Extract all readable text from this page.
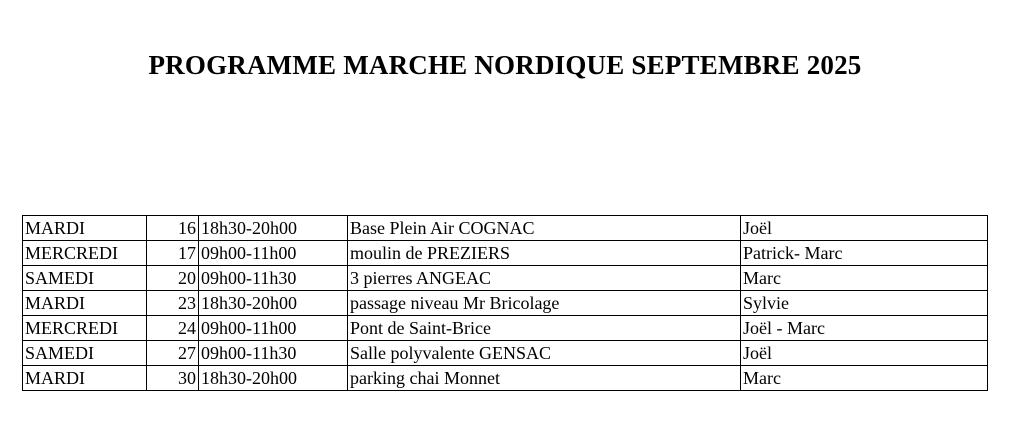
PROGRAMME MARCHE NORDIQUE SEPTEMBRE 2025
MARDI	16	18h30-20h00	Base Plein Air COGNAC	Joël
MERCREDI	17	09h00-11h00	moulin de PREZIERS	Patrick- Marc
SAMEDI	20	09h00-11h30	3 pierres ANGEAC	Marc
MARDI	23	18h30-20h00	passage niveau Mr Bricolage	Sylvie
MERCREDI	24	09h00-11h00	Pont de Saint-Brice	Joël - Marc
SAMEDI	27	09h00-11h30	Salle polyvalente GENSAC	Joël
MARDI	30	18h30-20h00	parking chai Monnet	Marc
